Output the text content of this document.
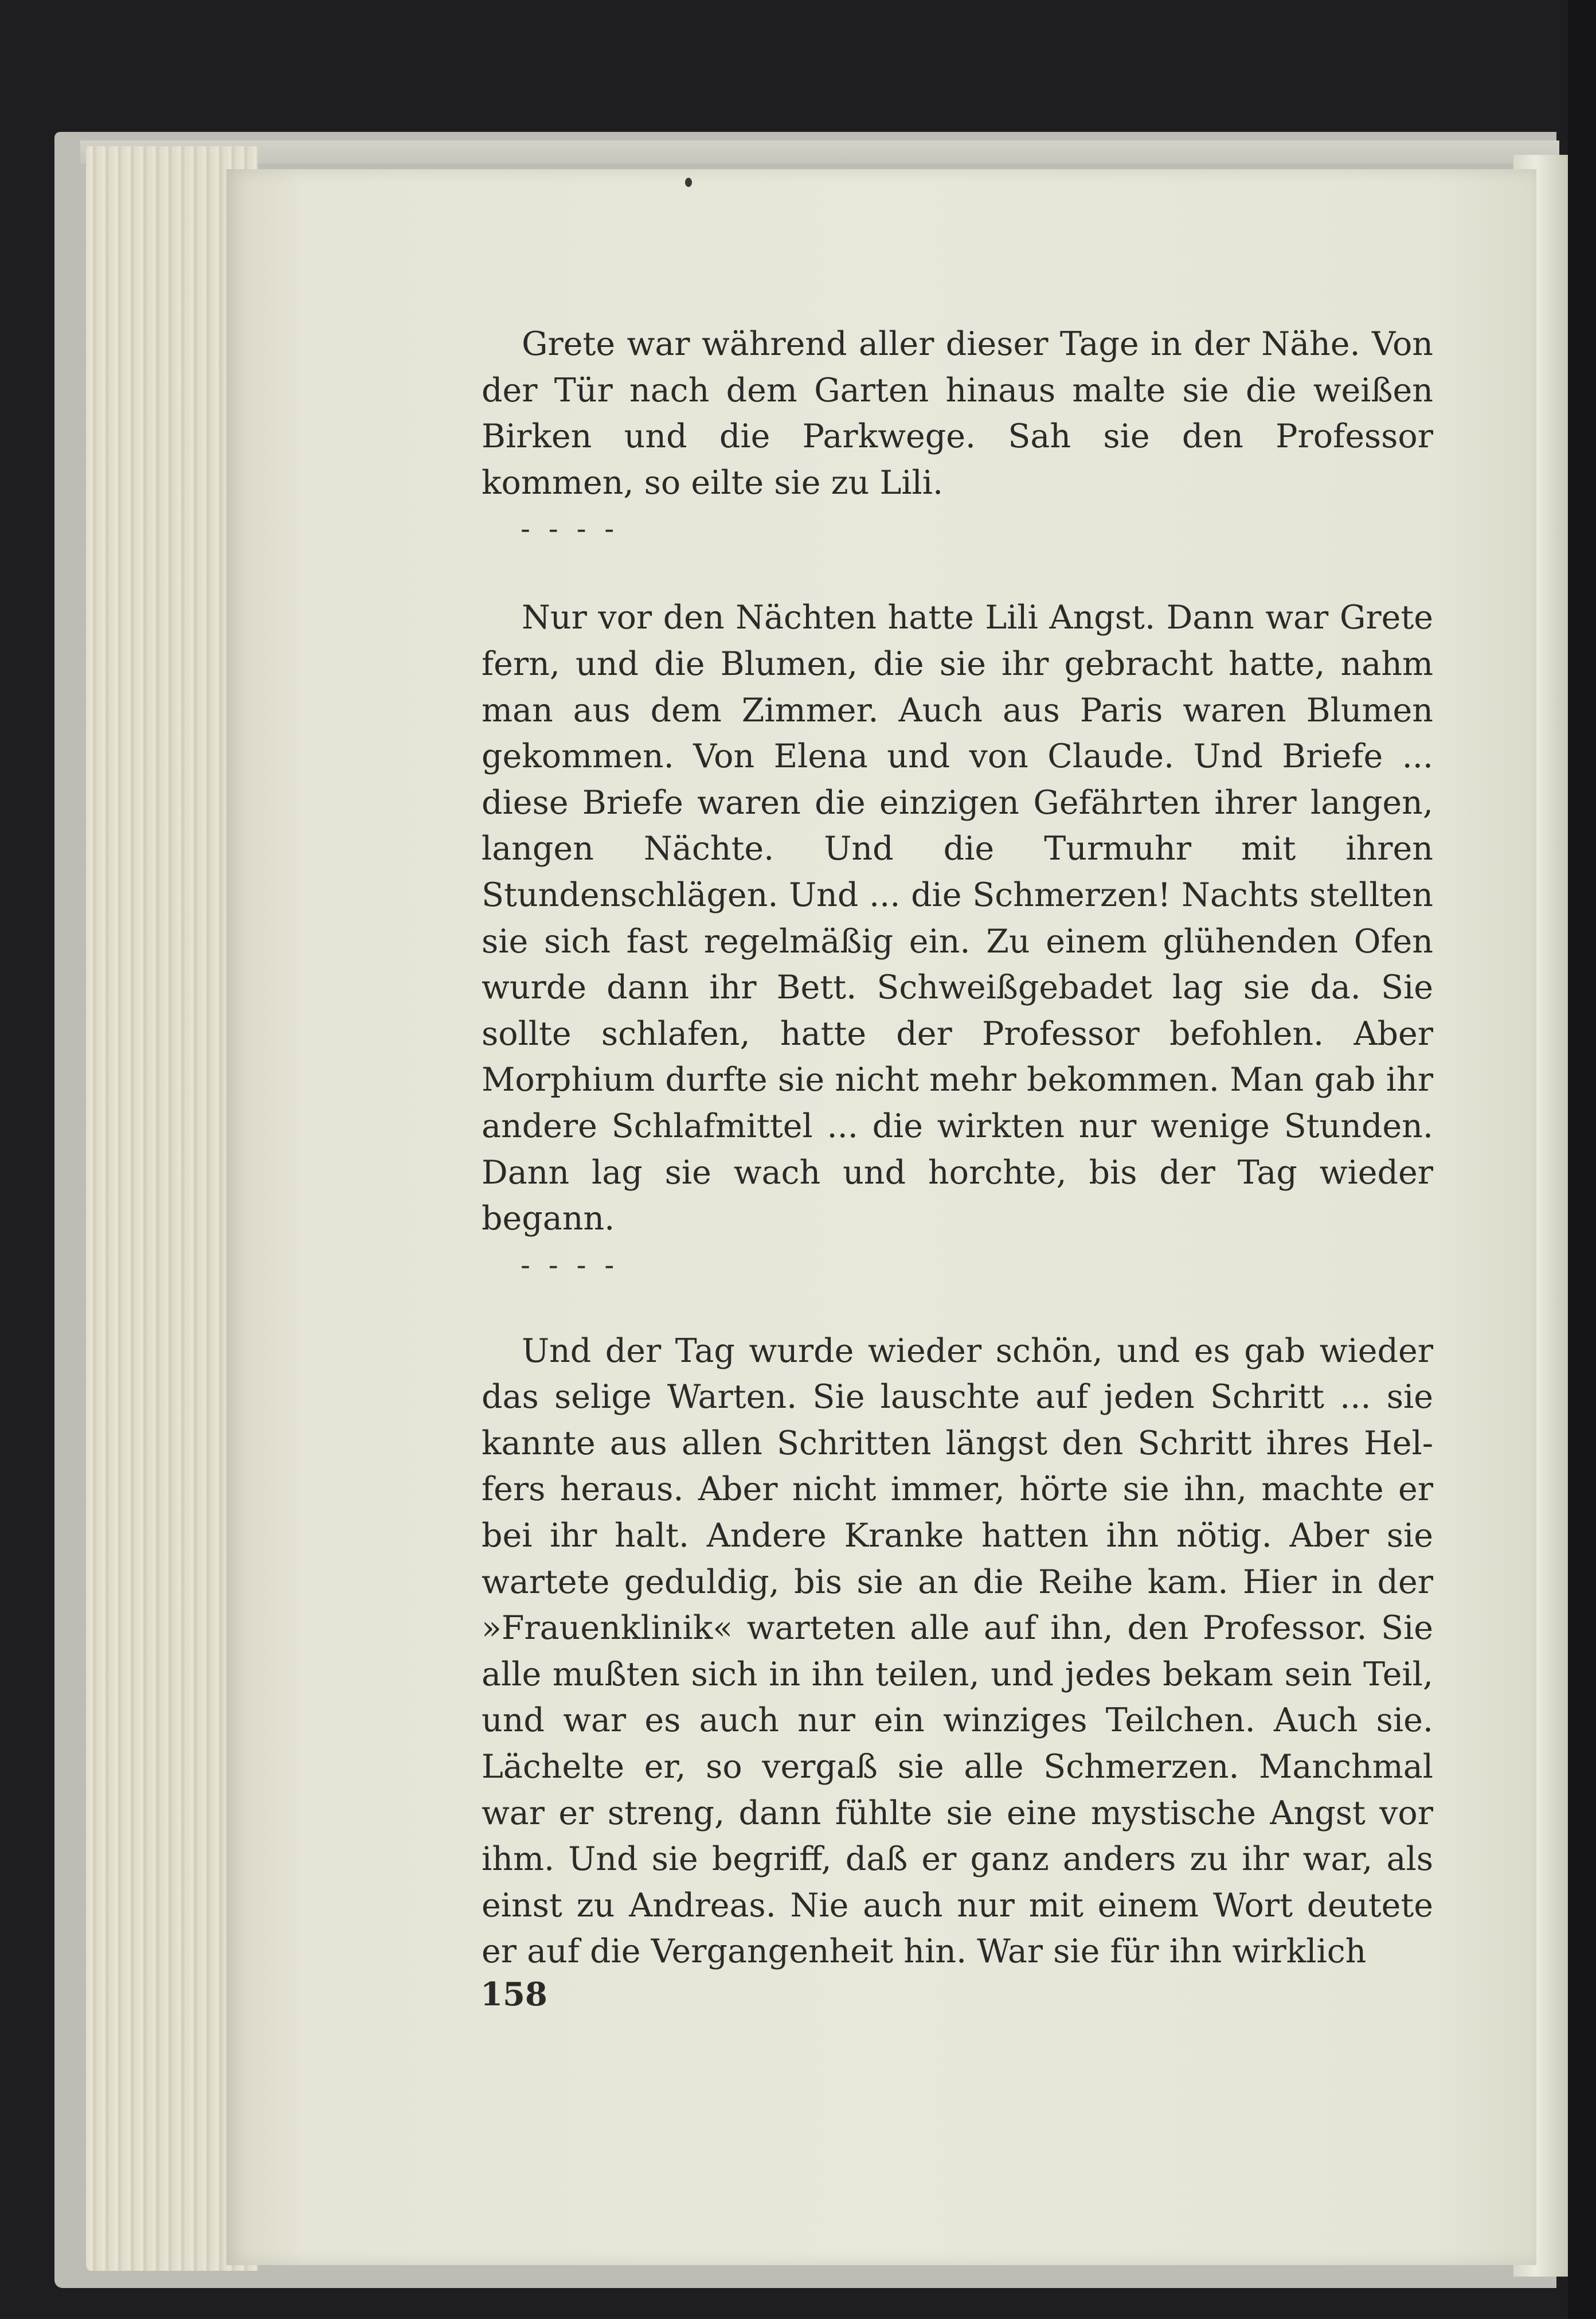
Grete war während aller dieser Tage in der Nähe. Von der Tür nach dem Garten hinaus malte sie die weißen Birken und die Parkwege. Sah sie den Professor kommen, so eilte sie zu Lili.

- - - -

Nur vor den Nächten hatte Lili Angst. Dann war Grete fern, und die Blumen, die sie ihr gebracht hatte, nahm man aus dem Zimmer. Auch aus Paris waren Blumen gekommen. Von Elena und von Claude. Und Briefe ... diese Briefe waren die einzigen Gefährten ihrer langen, langen Nächte. Und die Turmuhr mit ihren Stundenschlägen. Und ... die Schmerzen! Nachts stellten sie sich fast regelmäßig ein. Zu einem glühenden Ofen wurde dann ihr Bett. Schweißgebadet lag sie da. Sie sollte schlafen, hatte der Professor befohlen. Aber Morphium durfte sie nicht mehr bekommen. Man gab ihr andere Schlafmittel ... die wirkten nur wenige Stunden. Dann lag sie wach und horchte, bis der Tag wieder begann.

- - - -

Und der Tag wurde wieder schön, und es gab wieder das selige Warten. Sie lauschte auf jeden Schritt ... sie kannte aus allen Schritten längst den Schritt ihres Helfers heraus. Aber nicht immer, hörte sie ihn, machte er bei ihr halt. Andere Kranke hatten ihn nötig. Aber sie wartete geduldig, bis sie an die Reihe kam. Hier in der »Frauenklinik« warteten alle auf ihn, den Professor. Sie alle mußten sich in ihn teilen, und jedes bekam sein Teil, und war es auch nur ein winziges Teilchen. Auch sie. Lächelte er, so vergaß sie alle Schmerzen. Manchmal war er streng, dann fühlte sie eine mystische Angst vor ihm. Und sie begriff, daß er ganz anders zu ihr war, als einst zu Andreas. Nie auch nur mit einem Wort deutete er auf die Vergangenheit hin. War sie für ihn wirklich

158
